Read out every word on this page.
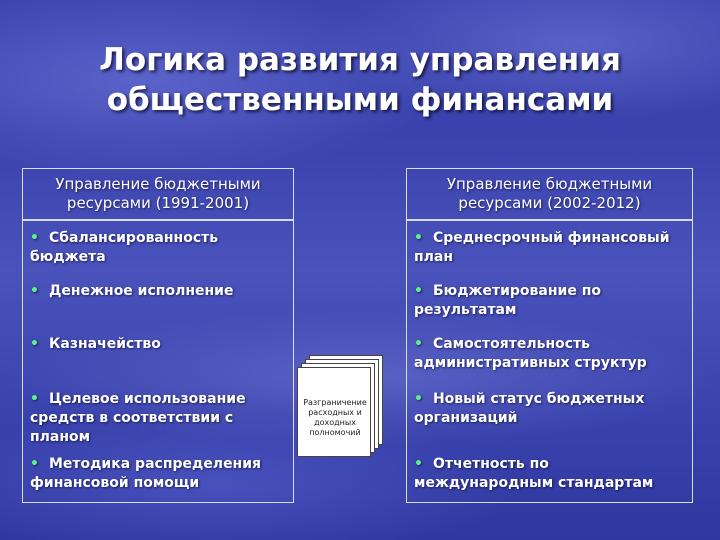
Логика развития управления
общественными финансами
Управление бюджетными ресурсами (1991-2001)
• Сбалансированность бюджета
• Денежное исполнение
• Казначейство
• Целевое использование средств в соответствии с планом
• Методика распределения финансовой помощи
Управление бюджетными ресурсами (2002-2012)
• Среднесрочный финансовый план
• Бюджетирование по результатам
• Самостоятельность административных структур
• Новый статус бюджетных организаций
• Отчетность по международным стандартам
Разграничение расходных и доходных полномочий
